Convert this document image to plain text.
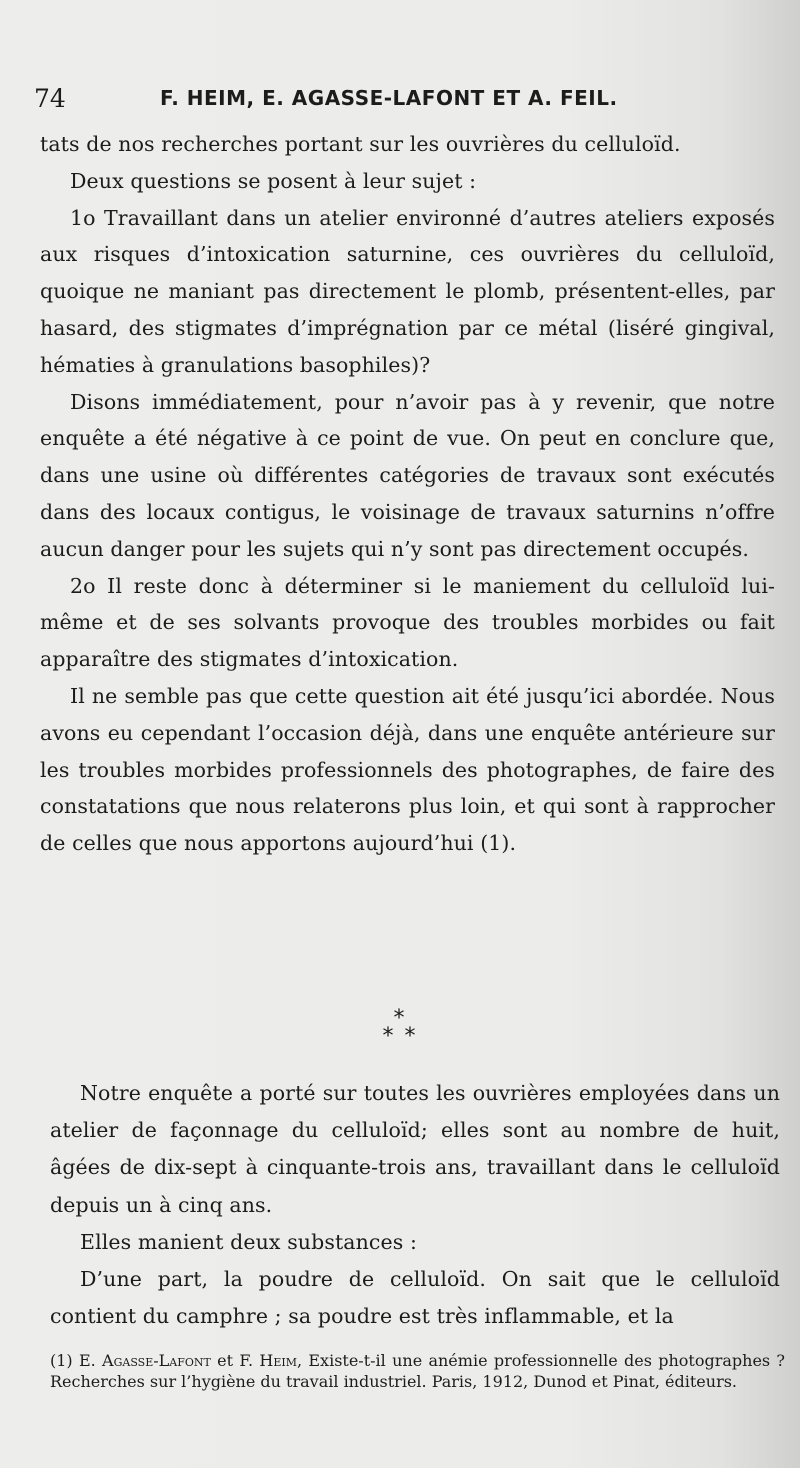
74	F. HEIM, E. AGASSE-LAFONT ET A. FEIL.

tats de nos recherches portant sur les ouvrières du celluloïd.

Deux questions se posent à leur sujet :

1o Travaillant dans un atelier environné d’autres ateliers exposés aux risques d’intoxication saturnine, ces ouvrières du celluloïd, quoique ne maniant pas directement le plomb, présentent-elles, par hasard, des stigmates d’imprégnation par ce métal (liséré gingival, hématies à granulations basophiles)?

Disons immédiatement, pour n’avoir pas à y revenir, que notre enquête a été négative à ce point de vue. On peut en conclure que, dans une usine où différentes catégories de travaux sont exécutés dans des locaux contigus, le voisinage de travaux saturnins n’offre aucun danger pour les sujets qui n’y sont pas directement occupés.

2o Il reste donc à déterminer si le maniement du celluloïd lui-même et de ses solvants provoque des troubles morbides ou fait apparaître des stigmates d’intoxication.

Il ne semble pas que cette question ait été jusqu’ici abordée. Nous avons eu cependant l’occasion déjà, dans une enquête antérieure sur les troubles morbides professionnels des photographes, de faire des constatations que nous relaterons plus loin, et qui sont à rapprocher de celles que nous apportons aujourd’hui (1).

*
* *

Notre enquête a porté sur toutes les ouvrières employées dans un atelier de façonnage du celluloïd; elles sont au nombre de huit, âgées de dix-sept à cinquante-trois ans, travaillant dans le celluloïd depuis un à cinq ans.

Elles manient deux substances :

D’une part, la poudre de celluloïd. On sait que le celluloïd contient du camphre ; sa poudre est très inflammable, et la

(1) E. Agasse-Lafont et F. Heim, Existe-t-il une anémie professionnelle des photographes ? Recherches sur l’hygiène du travail industriel. Paris, 1912, Dunod et Pinat, éditeurs.
